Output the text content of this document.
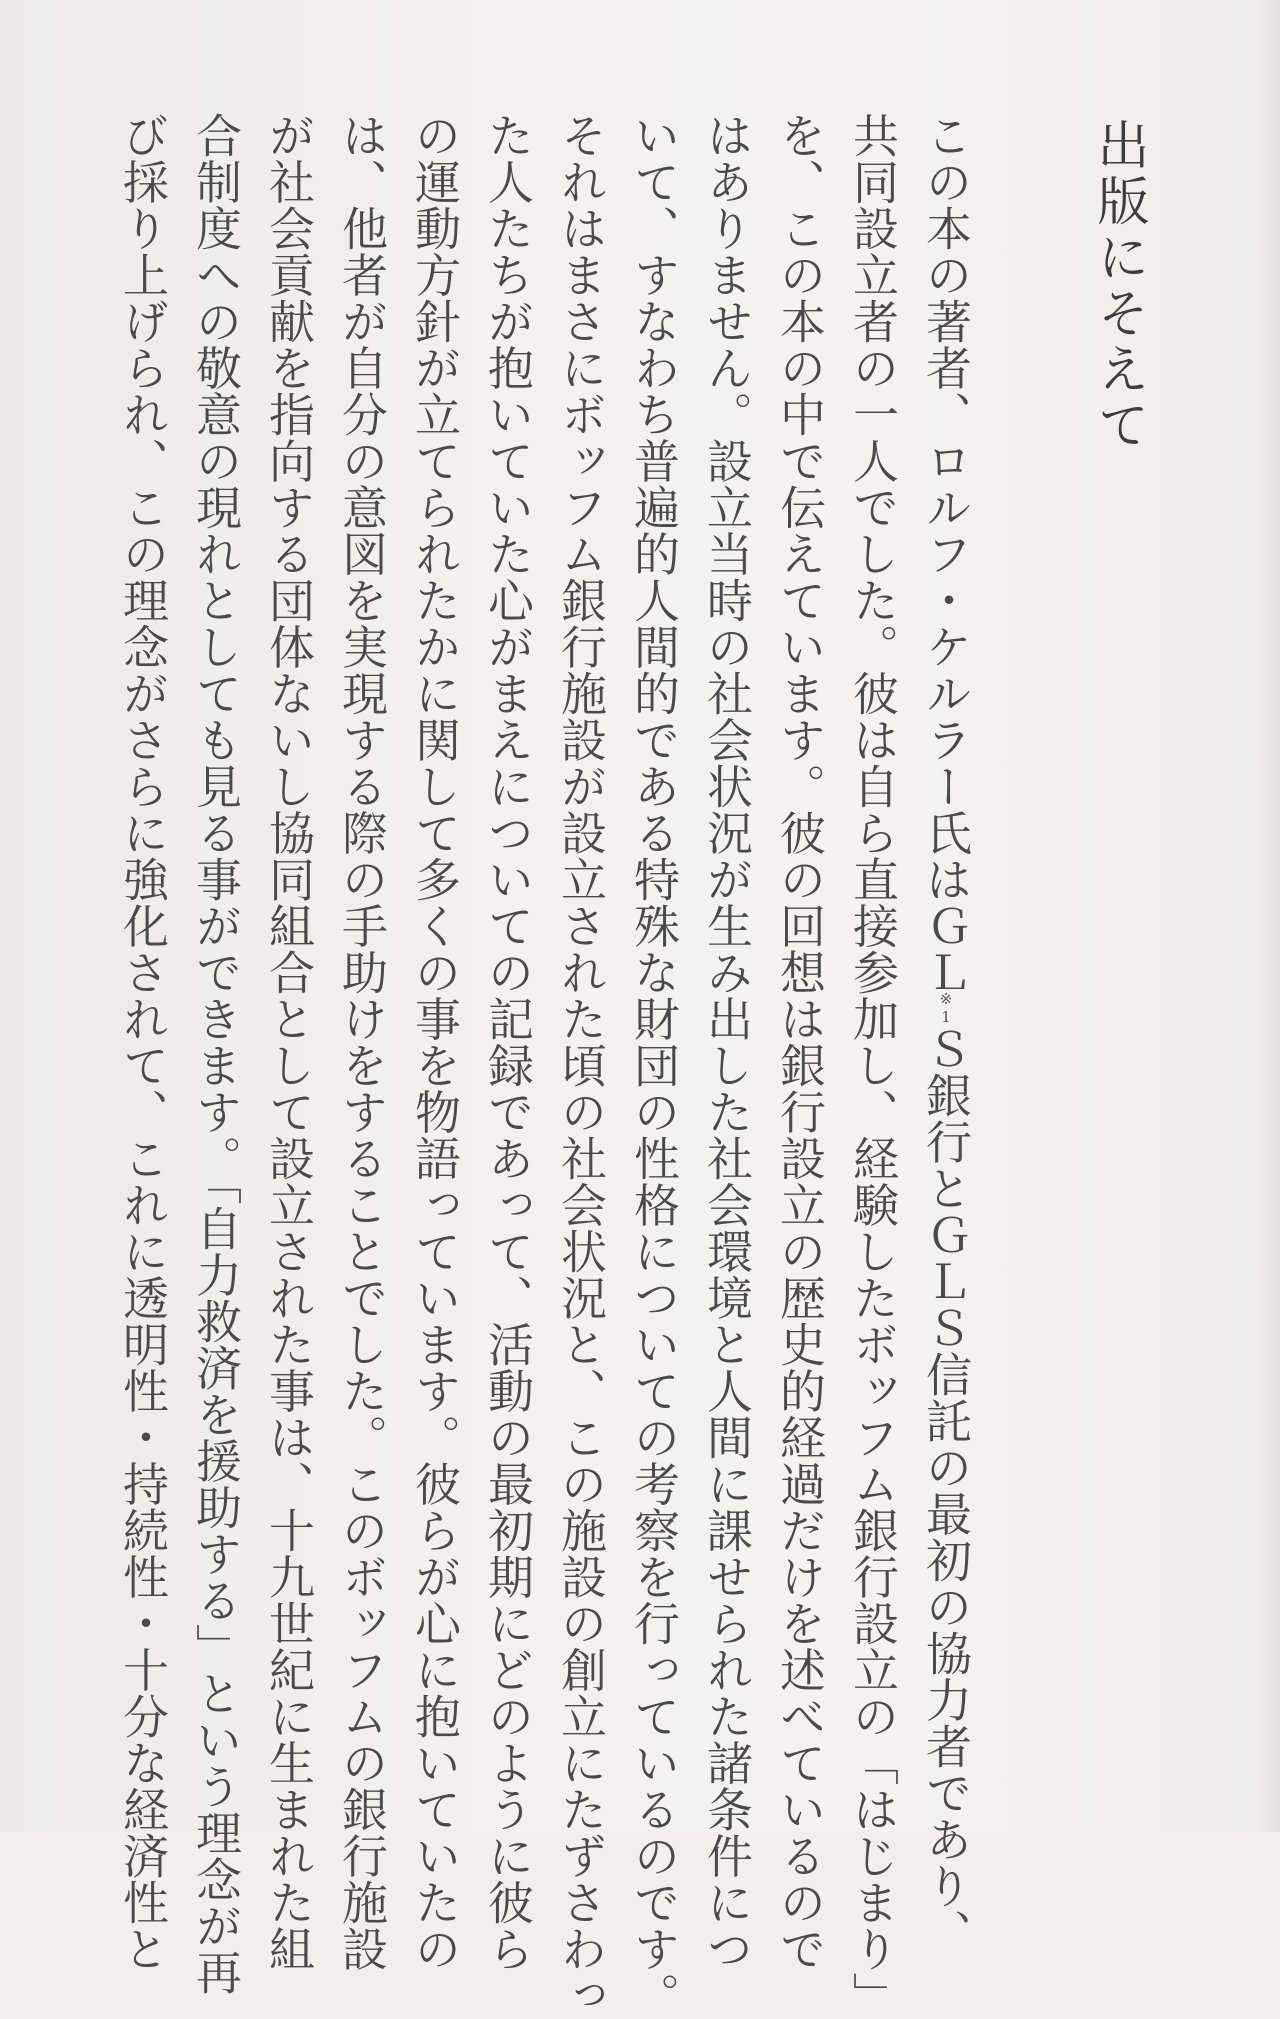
出版にそえて
この本の著者、ロルフ・ケルラー氏はＧＬ※1Ｓ銀行とＧＬＳ信託の最初の協力者であり、
共同設立者の一人でした。彼は自ら直接参加し、経験したボッフム銀行設立の「はじまり」
を、この本の中で伝えています。彼の回想は銀行設立の歴史的経過だけを述べているので
はありません。設立当時の社会状況が生み出した社会環境と人間に課せられた諸条件につ
いて、すなわち普遍的人間的である特殊な財団の性格についての考察を行っているのです。
それはまさにボッフム銀行施設が設立された頃の社会状況と、この施設の創立にたずさわっ
た人たちが抱いていた心がまえについての記録であって、活動の最初期にどのように彼ら
の運動方針が立てられたかに関して多くの事を物語っています。彼らが心に抱いていたの
は、他者が自分の意図を実現する際の手助けをすることでした。このボッフムの銀行施設
が社会貢献を指向する団体ないし協同組合として設立された事は、十九世紀に生まれた組
合制度への敬意の現れとしても見る事ができます。「自力救済を援助する」という理念が再
び採り上げられ、この理念がさらに強化されて、これに透明性・持続性・十分な経済性と
